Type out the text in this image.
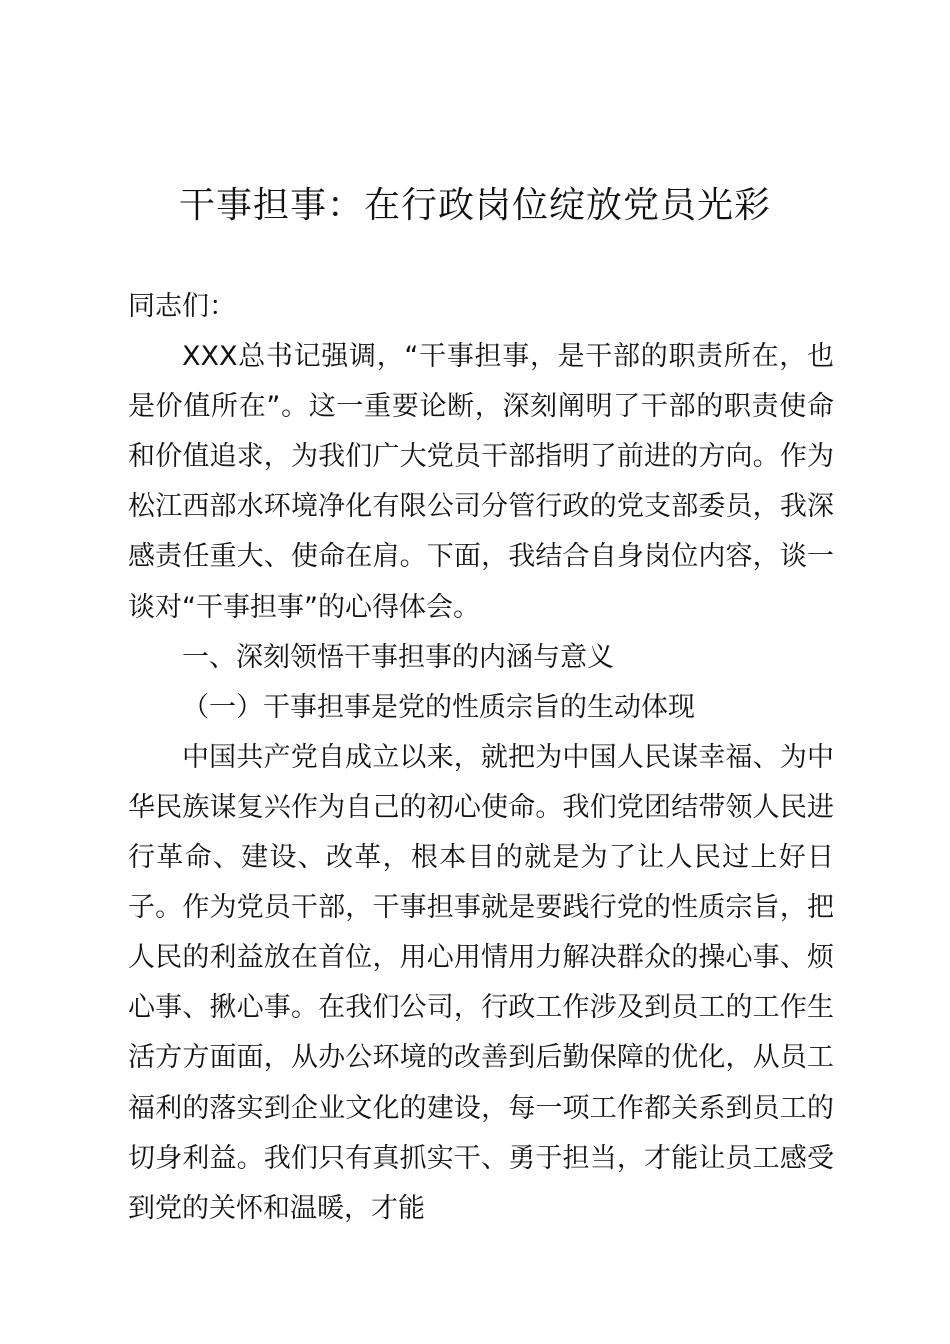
干事担事：在行政岗位绽放党员光彩

同志们：

XXX总书记强调，“干事担事，是干部的职责所在，也是价值所在”。这一重要论断，深刻阐明了干部的职责使命和价值追求，为我们广大党员干部指明了前进的方向。作为松江西部水环境净化有限公司分管行政的党支部委员，我深感责任重大、使命在肩。下面，我结合自身岗位内容，谈一谈对“干事担事”的心得体会。

一、深刻领悟干事担事的内涵与意义

（一）干事担事是党的性质宗旨的生动体现

中国共产党自成立以来，就把为中国人民谋幸福、为中华民族谋复兴作为自己的初心使命。我们党团结带领人民进行革命、建设、改革，根本目的就是为了让人民过上好日子。作为党员干部，干事担事就是要践行党的性质宗旨，把人民的利益放在首位，用心用情用力解决群众的操心事、烦心事、揪心事。在我们公司，行政工作涉及到员工的工作生活方方面面，从办公环境的改善到后勤保障的优化，从员工福利的落实到企业文化的建设，每一项工作都关系到员工的切身利益。我们只有真抓实干、勇于担当，才能让员工感受到党的关怀和温暖，才能
